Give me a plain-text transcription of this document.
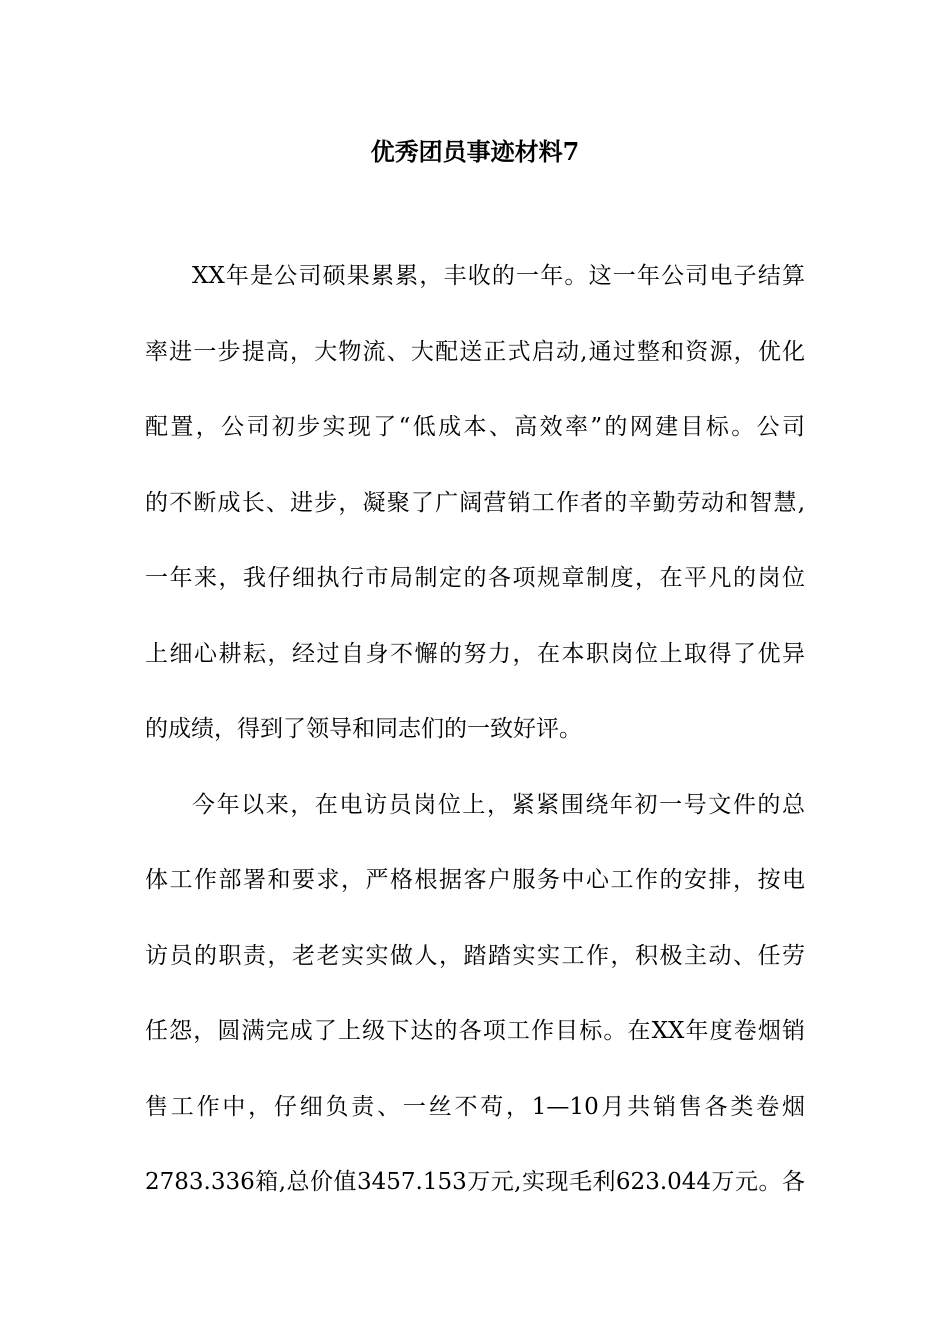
优秀团员事迹材料7
XX年是公司硕果累累，丰收的一年。这一年公司电子结算
率进一步提高，大物流、大配送正式启动,通过整和资源，优化
配置，公司初步实现了“低成本、高效率”的网建目标。公司
的不断成长、进步，凝聚了广阔营销工作者的辛勤劳动和智慧,
一年来，我仔细执行市局制定的各项规章制度，在平凡的岗位
上细心耕耘，经过自身不懈的努力，在本职岗位上取得了优异
的成绩，得到了领导和同志们的一致好评。
今年以来，在电访员岗位上，紧紧围绕年初一号文件的总
体工作部署和要求，严格根据客户服务中心工作的安排，按电
访员的职责，老老实实做人，踏踏实实工作，积极主动、任劳
任怨，圆满完成了上级下达的各项工作目标。在XX年度卷烟销
售工作中，仔细负责、一丝不苟，1—10月共销售各类卷烟
2783.336箱,总价值3457.153万元,实现毛利623.044万元。各
